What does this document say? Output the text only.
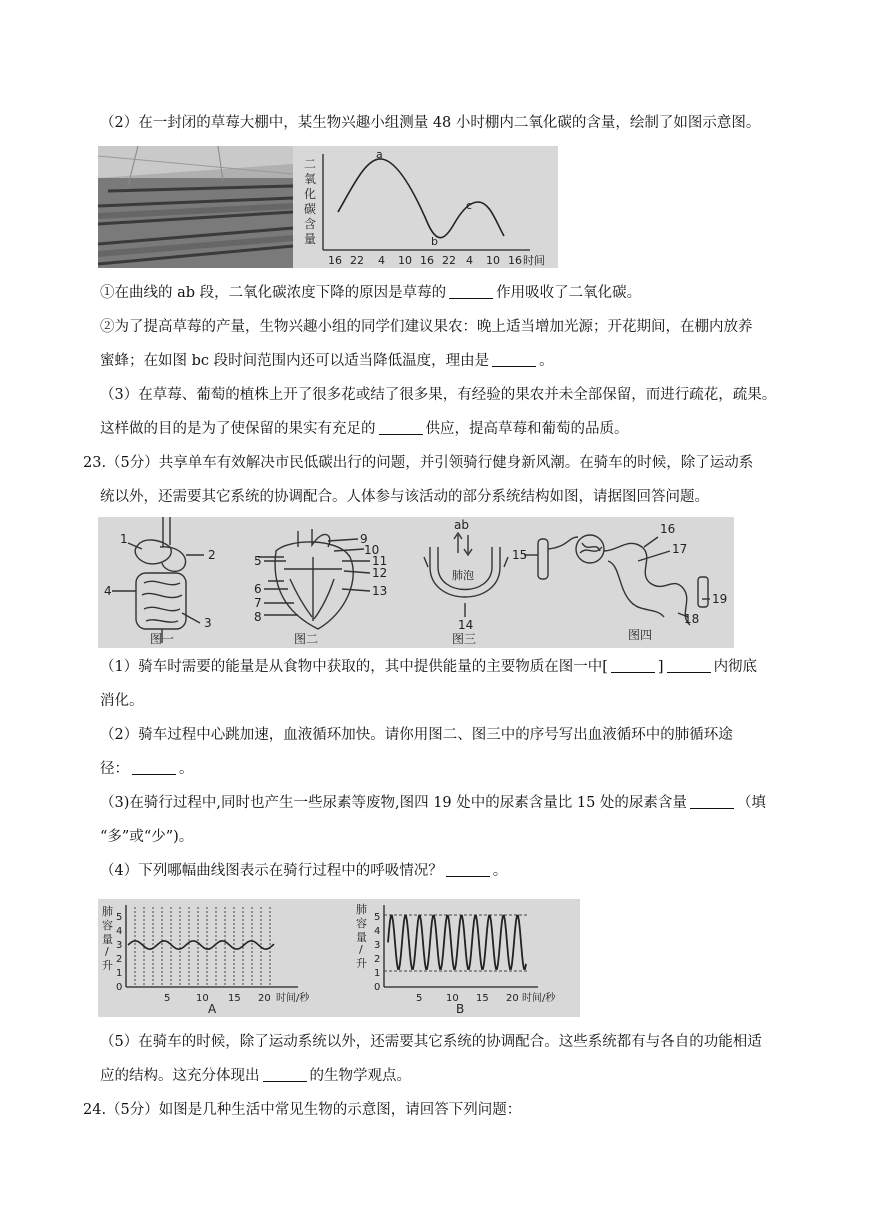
（2）在一封闭的草莓大棚中，某生物兴趣小组测量 48 小时棚内二氧化碳的含量，绘制了如图示意图。
二
氧
化
碳
含
量
a
b
c
16 22 4 10 16 22 4 10 16 时间
①在曲线的 ab 段，二氧化碳浓度下降的原因是草莓的	作用吸收了二氧化碳。
②为了提高草莓的产量，生物兴趣小组的同学们建议果农：晚上适当增加光源；开花期间，在棚内放养
蜜蜂；在如图 bc 段时间范围内还可以适当降低温度，理由是	。
（3）在草莓、葡萄的植株上开了很多花或结了很多果，有经验的果农并未全部保留，而进行疏花，疏果。
这样做的目的是为了使保留的果实有充足的	供应，提高草莓和葡萄的品质。
23.（5分）共享单车有效解决市民低碳出行的问题，并引领骑行健身新风潮。在骑车的时候，除了运动系
统以外，还需要其它系统的协调配合。人体参与该活动的部分系统结构如图，请据图回答问题。
1
2
3
4
图一
5
6
7
8
9
10
11
12
13
图二
ab
肺泡
14
图三
15
16
17
18
19
图四
（1）骑车时需要的能量是从食物中获取的，其中提供能量的主要物质在图一中[	]	内彻底
消化。
（2）骑车过程中心跳加速，血液循环加快。请你用图二、图三中的序号写出血液循环中的肺循环途
径：	。
（3)在骑行过程中,同时也产生一些尿素等废物,图四 19 处中的尿素含量比 15 处的尿素含量	（填
“多”或“少”)。
（4）下列哪幅曲线图表示在骑行过程中的呼吸情况？	。
肺
容
量
/
升
0
1
2
3
4
5
5	10 15 20 时间/秒
A
肺
容
量
/
升
0
1
2
3
4
5
5 10 15 20 时间/秒
B
（5）在骑车的时候，除了运动系统以外，还需要其它系统的协调配合。这些系统都有与各自的功能相适
应的结构。这充分体现出	的生物学观点。
24.（5分）如图是几种生活中常见生物的示意图，请回答下列问题：
